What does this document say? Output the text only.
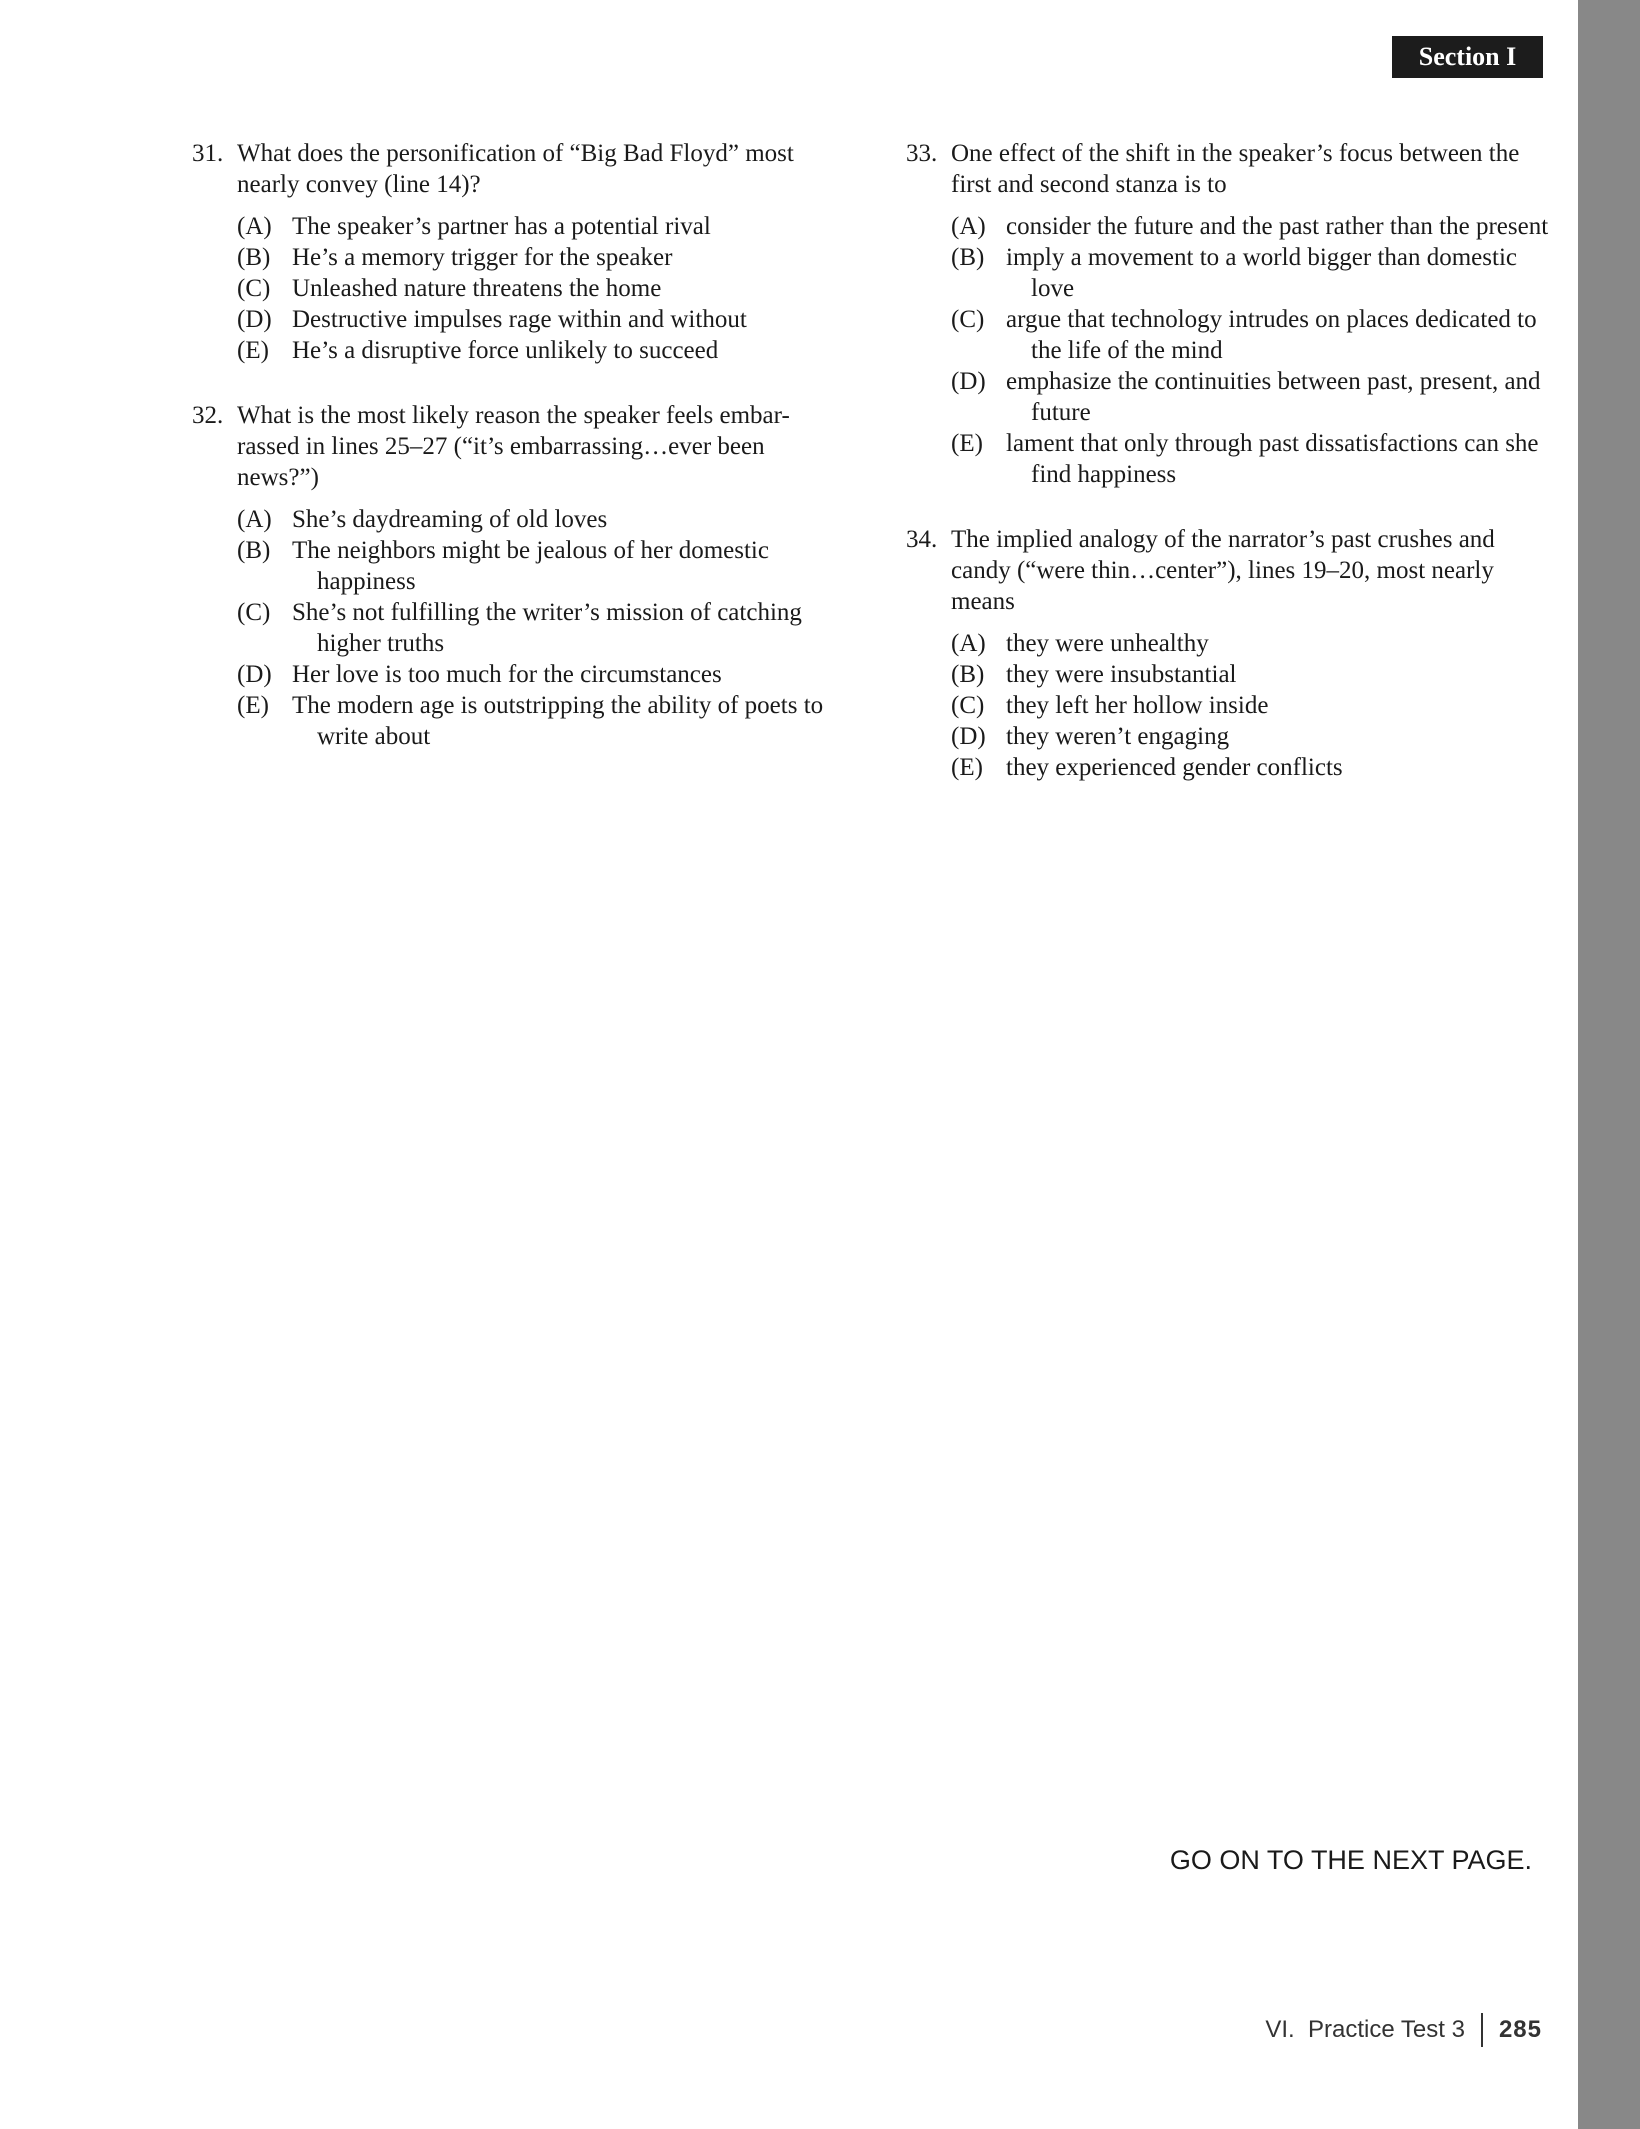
Section I
31. What does the personification of “Big Bad Floyd” most nearly convey (line 14)?
(A) The speaker’s partner has a potential rival
(B) He’s a memory trigger for the speaker
(C) Unleashed nature threatens the home
(D) Destructive impulses rage within and without
(E) He’s a disruptive force unlikely to succeed
32. What is the most likely reason the speaker feels embar-rassed in lines 25–27 (“it’s embarrassing…ever been news?”)
(A) She’s daydreaming of old loves
(B) The neighbors might be jealous of her domestic happiness
(C) She’s not fulfilling the writer’s mission of catching higher truths
(D) Her love is too much for the circumstances
(E) The modern age is outstripping the ability of poets to write about
33. One effect of the shift in the speaker’s focus between the first and second stanza is to
(A) consider the future and the past rather than the present
(B) imply a movement to a world bigger than domestic love
(C) argue that technology intrudes on places dedicated to the life of the mind
(D) emphasize the continuities between past, present, and future
(E) lament that only through past dissatisfactions can she find happiness
34. The implied analogy of the narrator’s past crushes and candy (“were thin…center”), lines 19–20, most nearly means
(A) they were unhealthy
(B) they were insubstantial
(C) they left her hollow inside
(D) they weren’t engaging
(E) they experienced gender conflicts
GO ON TO THE NEXT PAGE.
VI.  Practice Test 3 285
